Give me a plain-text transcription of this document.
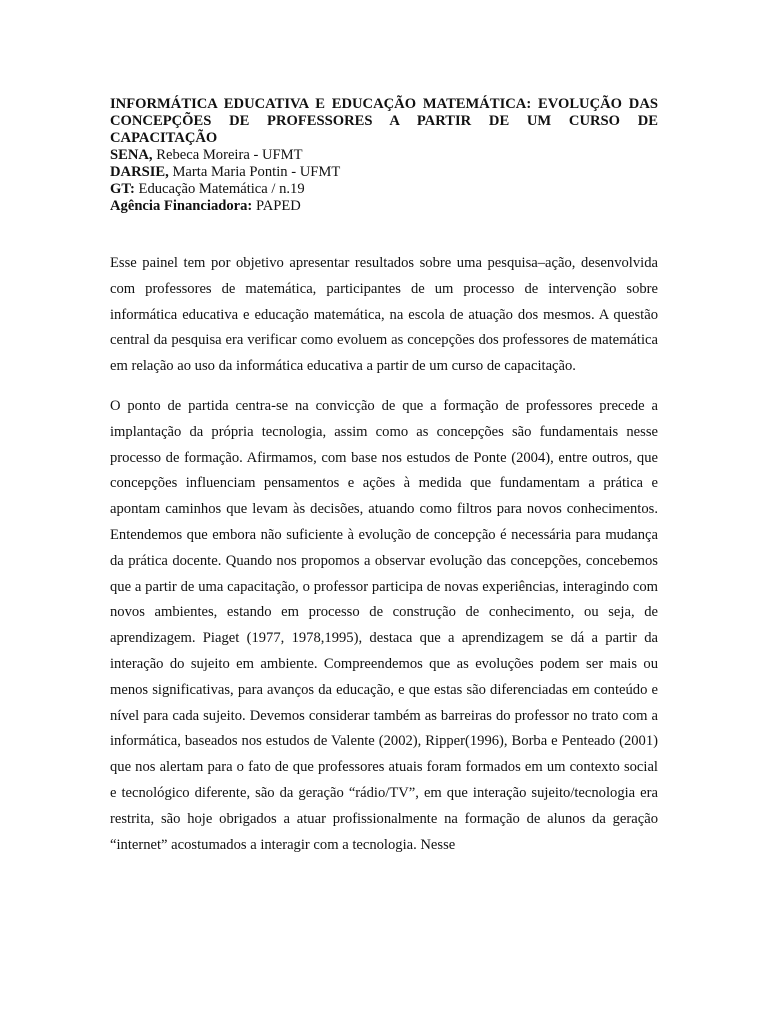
INFORMÁTICA EDUCATIVA E EDUCAÇÃO MATEMÁTICA: EVOLUÇÃO DAS CONCEPÇÕES DE PROFESSORES A PARTIR DE UM CURSO DE CAPACITAÇÃO

SENA, Rebeca Moreira - UFMT

DARSIE, Marta Maria Pontin - UFMT

GT: Educação Matemática / n.19

Agência Financiadora: PAPED

Esse painel tem por objetivo apresentar resultados sobre uma pesquisa–ação, desenvolvida com professores de matemática, participantes de um processo de intervenção sobre informática educativa e educação matemática, na escola de atuação dos mesmos. A questão central da pesquisa era verificar como evoluem as concepções dos professores de matemática em relação ao uso da informática educativa a partir de um curso de capacitação.

O ponto de partida centra-se na convicção de que a formação de professores precede a implantação da própria tecnologia, assim como as concepções são fundamentais nesse processo de formação. Afirmamos, com base nos estudos de Ponte (2004), entre outros, que concepções influenciam pensamentos e ações à medida que fundamentam a prática e apontam caminhos que levam às decisões, atuando como filtros para novos conhecimentos. Entendemos que embora não suficiente à evolução de concepção é necessária para mudança da prática docente. Quando nos propomos a observar evolução das concepções, concebemos que a partir de uma capacitação, o professor participa de novas experiências, interagindo com novos ambientes, estando em processo de construção de conhecimento, ou seja, de aprendizagem. Piaget (1977, 1978,1995), destaca que a aprendizagem se dá a partir da interação do sujeito em ambiente. Compreendemos que as evoluções podem ser mais ou menos significativas, para avanços da educação, e que estas são diferenciadas em conteúdo e nível para cada sujeito. Devemos considerar também as barreiras do professor no trato com a informática, baseados nos estudos de Valente (2002), Ripper(1996), Borba e Penteado (2001) que nos alertam para o fato de que professores atuais foram formados em um contexto social e tecnológico diferente, são da geração “rádio/TV”, em que interação sujeito/tecnologia era restrita, são hoje obrigados a atuar profissionalmente na formação de alunos da geração “internet” acostumados a interagir com a tecnologia. Nesse
